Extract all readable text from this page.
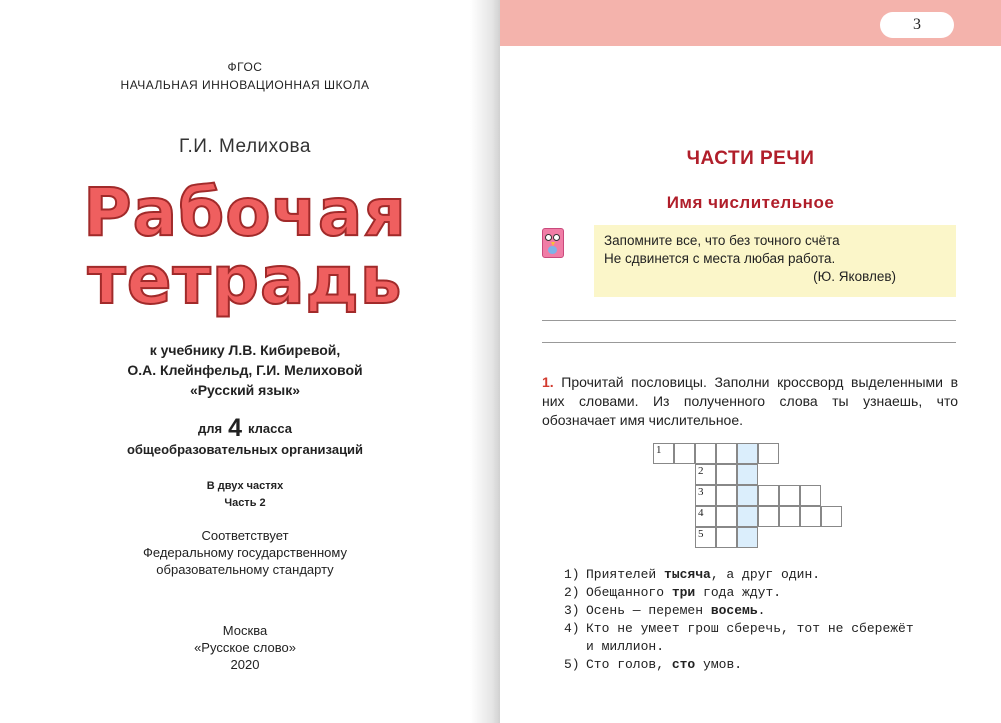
ФГОС
НАЧАЛЬНАЯ ИННОВАЦИОННАЯ ШКОЛА
Г.И. Мелихова
Рабочая
тетрадь
к учебнику Л.В. Кибиревой,
О.А. Клейнфельд, Г.И. Мелиховой
«Русский язык»
для 4 класса
общеобразовательных организаций
В двух частях
Часть 2
Соответствует
Федеральному государственному
образовательному стандарту
Москва
«Русское слово»
2020
3
ЧАСТИ РЕЧИ
Имя числительное
Запомните все, что без точного счёта
Не сдвинется с места любая работа.
(Ю. Яковлев)
1. Прочитай пословицы. Заполни кроссворд выделенными в них словами. Из полученного слова ты узнаешь, что обозначает имя числительное.
1
2
3
4
5
1) Приятелей тысяча, а друг один.
2) Обещанного три года ждут.
3) Осень — перемен восемь.
4) Кто не умеет грош сберечь, тот не сбережёт
и миллион.
5) Сто голов, сто умов.
